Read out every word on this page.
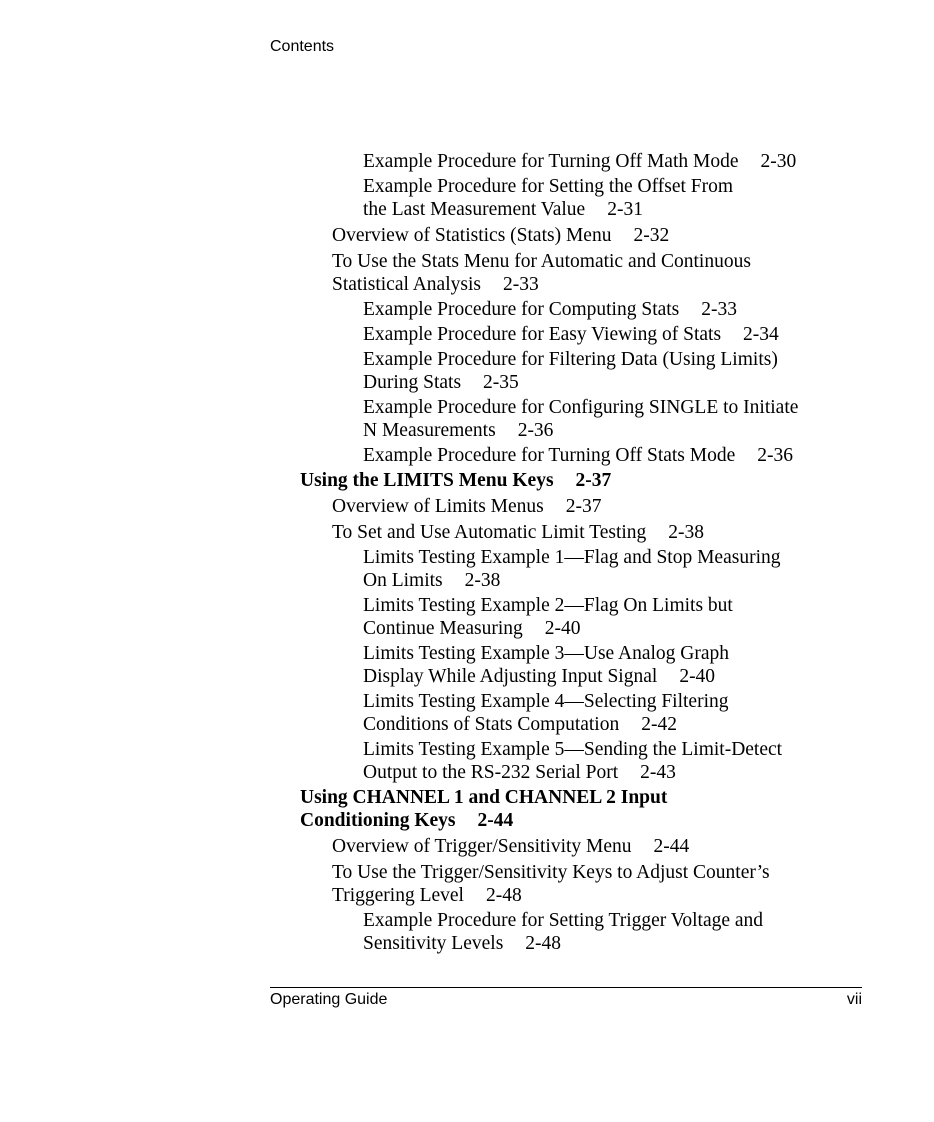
Contents
Example Procedure for Turning Off Math Mode 2-30
Example Procedure for Setting the Offset From
the Last Measurement Value 2-31
Overview of Statistics (Stats) Menu 2-32
To Use the Stats Menu for Automatic and Continuous
Statistical Analysis 2-33
Example Procedure for Computing Stats 2-33
Example Procedure for Easy Viewing of Stats 2-34
Example Procedure for Filtering Data (Using Limits)
During Stats 2-35
Example Procedure for Configuring SINGLE to Initiate
N Measurements 2-36
Example Procedure for Turning Off Stats Mode 2-36
Using the LIMITS Menu Keys 2-37
Overview of Limits Menus 2-37
To Set and Use Automatic Limit Testing 2-38
Limits Testing Example 1—Flag and Stop Measuring
On Limits 2-38
Limits Testing Example 2—Flag On Limits but
Continue Measuring 2-40
Limits Testing Example 3—Use Analog Graph
Display While Adjusting Input Signal 2-40
Limits Testing Example 4—Selecting Filtering
Conditions of Stats Computation 2-42
Limits Testing Example 5—Sending the Limit-Detect
Output to the RS-232 Serial Port 2-43
Using CHANNEL 1 and CHANNEL 2 Input
Conditioning Keys 2-44
Overview of Trigger/Sensitivity Menu 2-44
To Use the Trigger/Sensitivity Keys to Adjust Counter’s
Triggering Level 2-48
Example Procedure for Setting Trigger Voltage and
Sensitivity Levels 2-48
Operating Guide	vii
